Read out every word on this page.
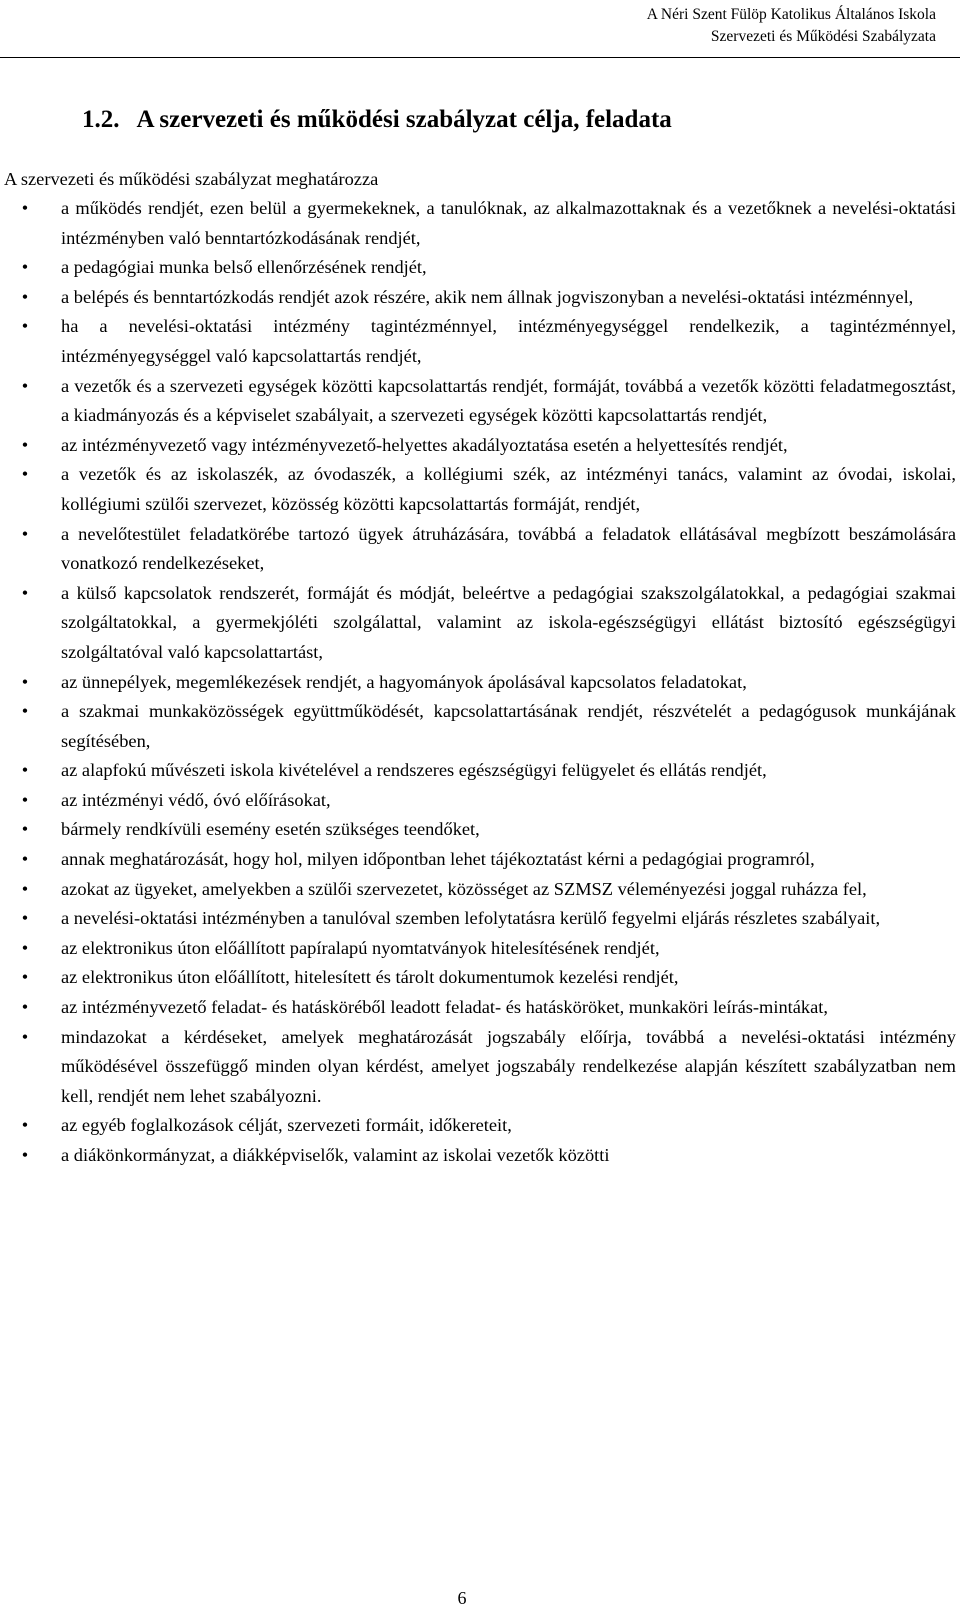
A Néri Szent Fülöp Katolikus Általános Iskola
Szervezeti és Működési Szabályzata
1.2. A szervezeti és működési szabályzat célja, feladata

A szervezeti és működési szabályzat meghatározza

• a működés rendjét, ezen belül a gyermekeknek, a tanulóknak, az alkalmazottaknak és a vezetőknek a nevelési-oktatási intézményben való benntartózkodásának rendjét,
• a pedagógiai munka belső ellenőrzésének rendjét,
• a belépés és benntartózkodás rendjét azok részére, akik nem állnak jogviszonyban a nevelési-oktatási intézménnyel,
• ha a nevelési-oktatási intézmény tagintézménnyel, intézményegységgel rendelkezik, a tagintézménnyel, intézményegységgel való kapcsolattartás rendjét,
• a vezetők és a szervezeti egységek közötti kapcsolattartás rendjét, formáját, továbbá a vezetők közötti feladatmegosztást, a kiadmányozás és a képviselet szabályait, a szervezeti egységek közötti kapcsolattartás rendjét,
• az intézményvezető vagy intézményvezető-helyettes akadályoztatása esetén a helyettesítés rendjét,
• a vezetők és az iskolaszék, az óvodaszék, a kollégiumi szék, az intézményi tanács, valamint az óvodai, iskolai, kollégiumi szülői szervezet, közösség közötti kapcsolattartás formáját, rendjét,
• a nevelőtestület feladatkörébe tartozó ügyek átruházására, továbbá a feladatok ellátásával megbízott beszámolására vonatkozó rendelkezéseket,
• a külső kapcsolatok rendszerét, formáját és módját, beleértve a pedagógiai szakszolgálatokkal, a pedagógiai szakmai szolgáltatokkal, a gyermekjóléti szolgálattal, valamint az iskola-egészségügyi ellátást biztosító egészségügyi szolgáltatóval való kapcsolattartást,
• az ünnepélyek, megemlékezések rendjét, a hagyományok ápolásával kapcsolatos feladatokat,
• a szakmai munkaközösségek együttműködését, kapcsolattartásának rendjét, részvételét a pedagógusok munkájának segítésében,
• az alapfokú művészeti iskola kivételével a rendszeres egészségügyi felügyelet és ellátás rendjét,
• az intézményi védő, óvó előírásokat,
• bármely rendkívüli esemény esetén szükséges teendőket,
• annak meghatározását, hogy hol, milyen időpontban lehet tájékoztatást kérni a pedagógiai programról,
• azokat az ügyeket, amelyekben a szülői szervezetet, közösséget az SZMSZ véleményezési joggal ruházza fel,
• a nevelési-oktatási intézményben a tanulóval szemben lefolytatásra kerülő fegyelmi eljárás részletes szabályait,
• az elektronikus úton előállított papíralapú nyomtatványok hitelesítésének rendjét,
• az elektronikus úton előállított, hitelesített és tárolt dokumentumok kezelési rendjét,
• az intézményvezető feladat- és hatásköréből leadott feladat- és hatásköröket, munkaköri leírás-mintákat,
• mindazokat a kérdéseket, amelyek meghatározását jogszabály előírja, továbbá a nevelési-oktatási intézmény működésével összefüggő minden olyan kérdést, amelyet jogszabály rendelkezése alapján készített szabályzatban nem kell, rendjét nem lehet szabályozni.
• az egyéb foglalkozások célját, szervezeti formáit, időkereteit,
• a diákönkormányzat, a diákképviselők, valamint az iskolai vezetők közötti
6
